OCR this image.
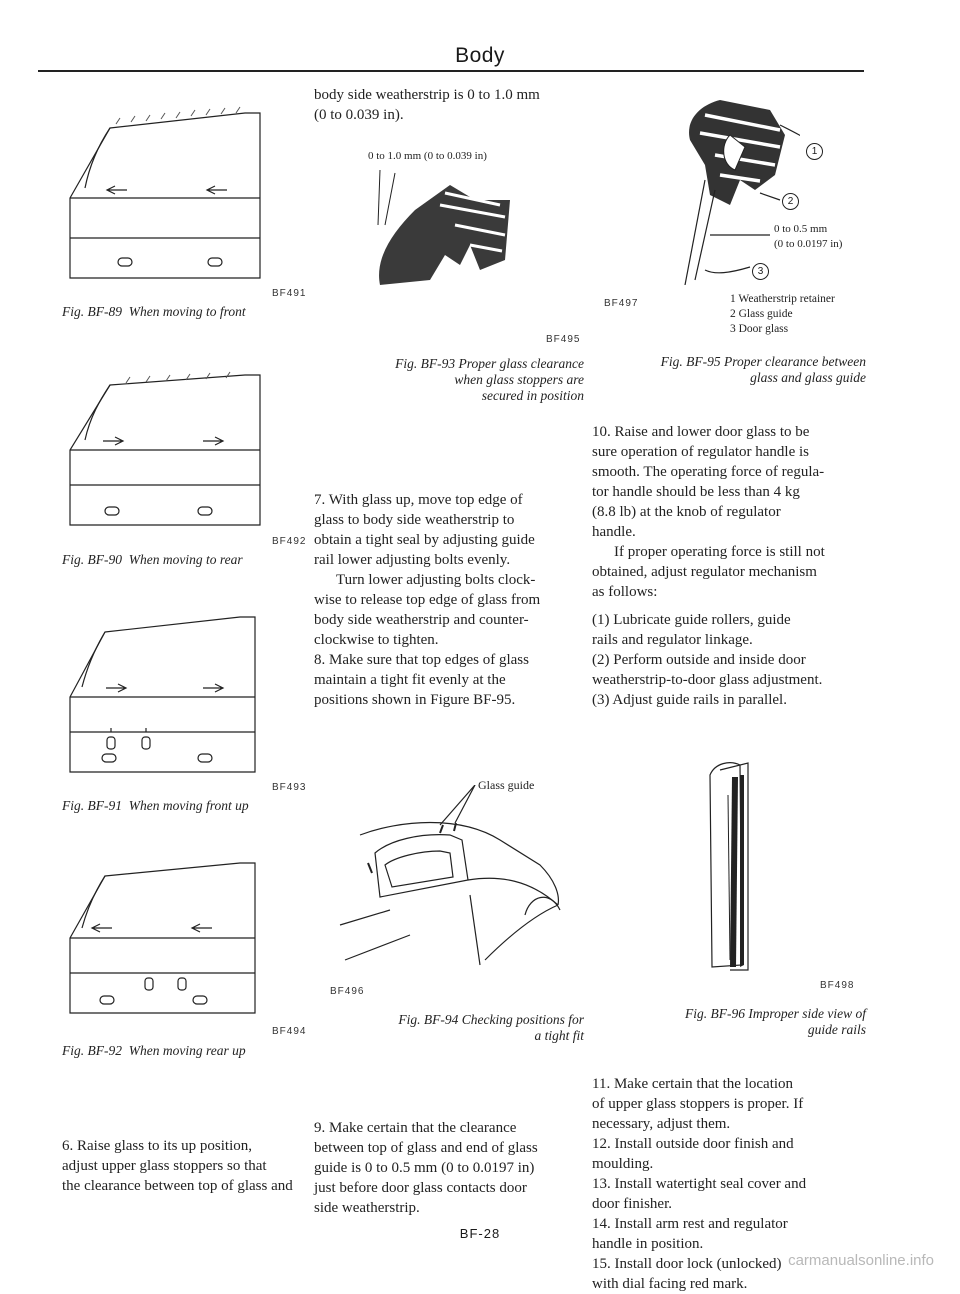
Body
BF491
Fig. BF-89 When moving to front
BF492
Fig. BF-90 When moving to rear
BF493
Fig. BF-91 When moving front up
BF494
Fig. BF-92 When moving rear up

6. Raise glass to its up position,

adjust upper glass stoppers so that

the clearance between top of glass and

body side weatherstrip is 0 to 1.0 mm

(0 to 0.039 in).

0 to 1.0 mm (0 to 0.039 in)
BF495
Fig. BF-93 Proper glass clearance
when glass stoppers are
secured in position

7. With glass up, move top edge of

glass to body side weatherstrip to

obtain a tight seal by adjusting guide

rail lower adjusting bolts evenly.

Turn lower adjusting bolts clock-

wise to release top edge of glass from

body side weatherstrip and counter-

clockwise to tighten.

8. Make sure that top edges of glass

maintain a tight fit evenly at the

positions shown in Figure BF-95.

Glass guide
BF496
Fig. BF-94 Checking positions for
a tight fit

9. Make certain that the clearance

between top of glass and end of glass

guide is 0 to 0.5 mm (0 to 0.0197 in)

just before door glass contacts door

side weatherstrip.

1
2
3
0 to 0.5 mm
(0 to 0.0197 in)
BF497	1 Weatherstrip retainer
2 Glass guide
3 Door glass
Fig. BF-95 Proper clearance between
glass and glass guide

10. Raise and lower door glass to be

sure operation of regulator handle is

smooth. The operating force of regula-

tor handle should be less than 4 kg

(8.8 lb) at the knob of regulator

handle.

If proper operating force is still not

obtained, adjust regulator mechanism

as follows:

(1) Lubricate guide rollers, guide

rails and regulator linkage.

(2) Perform outside and inside door

weatherstrip-to-door glass adjustment.

(3) Adjust guide rails in parallel.

BF498
Fig. BF-96 Improper side view of
guide rails

11. Make certain that the location

of upper glass stoppers is proper. If

necessary, adjust them.

12. Install outside door finish and

moulding.

13. Install watertight seal cover and

door finisher.

14. Install arm rest and regulator

handle in position.

15. Install door lock (unlocked)

with dial facing red mark.

BF-28
carmanualsonline.info
